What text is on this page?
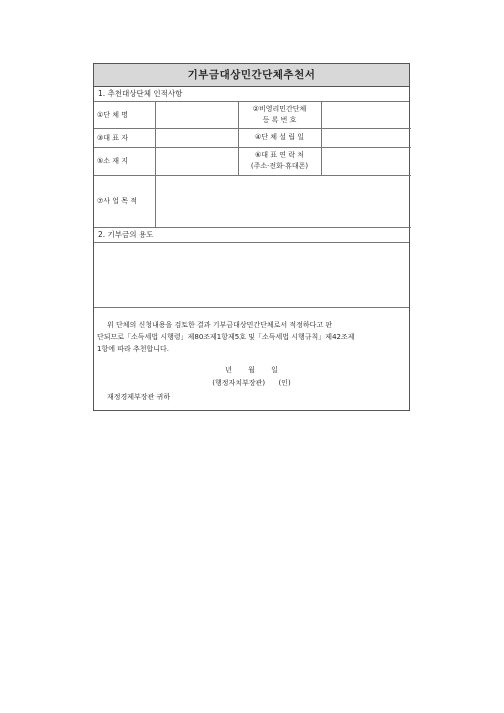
기부금대상민간단체추천서
1. 추천대상단체 인적사항
①단 체 명		②비영리민간단체
등 록 번 호	

③대 표 자		④단 체 설 립 일	
⑤소 재 지		⑥대 표 연 락 처
(주소·전화·휴대폰)	

⑦사 업 목 적			
2. 기부금의 용도
위 단체의 신청내용을 검토한 결과 기부금대상민간단체로서 적정하다고 판
단되므로「소득세법 시행령」제80조제1항제5호 및「소득세법 시행규칙」제42조제
1항에 따라 추천합니다.
년 월 일
(행정자치부장관) (인)
재정경제부장관 귀하
